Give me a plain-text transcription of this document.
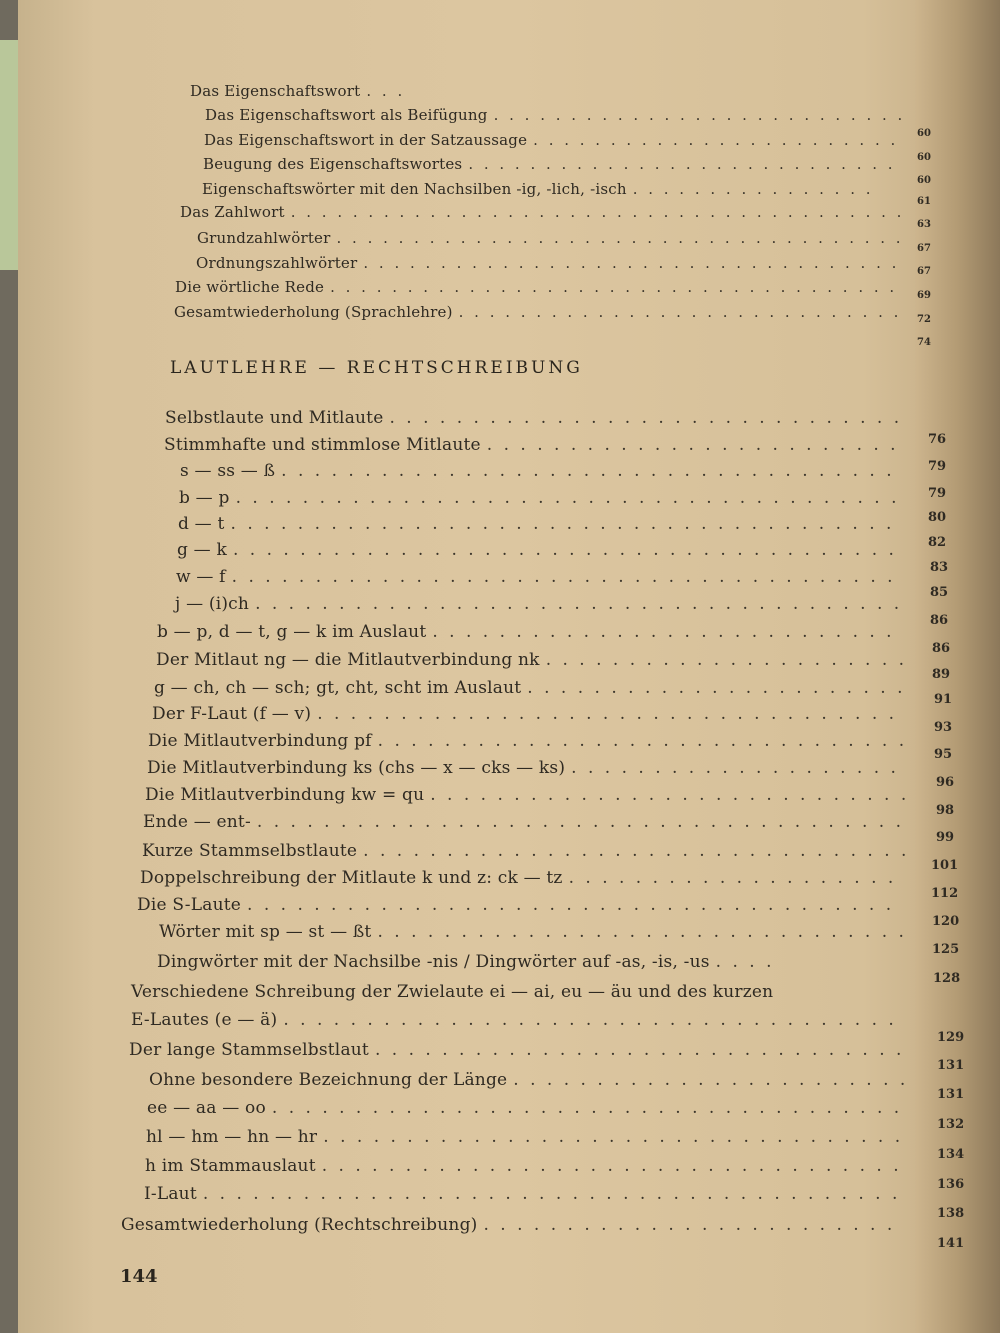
Das Eigenschaftswort . . .
Das Eigenschaftswort als Beifügung . . . . . . . . . . . . . . . . . . . . . . . . . . .
Das Eigenschaftswort in der Satzaussage . . . . . . . . . . . . . . . . . . . . . . . .
Beugung des Eigenschaftswortes . . . . . . . . . . . . . . . . . . . . . . . . . . . .
Eigenschaftswörter mit den Nachsilben -ig, -lich, -isch . . . . . . . . . . . . . . . .
Das Zahlwort . . . . . . . . . . . . . . . . . . . . . . . . . . . . . . . . . . . . . . . .
Grundzahlwörter . . . . . . . . . . . . . . . . . . . . . . . . . . . . . . . . . . . . .
Ordnungszahlwörter . . . . . . . . . . . . . . . . . . . . . . . . . . . . . . . . . . .
Die wörtliche Rede . . . . . . . . . . . . . . . . . . . . . . . . . . . . . . . . . . . . .
Gesamtwiederholung (Sprachlehre) . . . . . . . . . . . . . . . . . . . . . . . . . . . . .
60
60
60
61
63
67
67
69
72
74
LAUTLEHRE — RECHTSCHREIBUNG
Selbstlaute und Mitlaute . . . . . . . . . . . . . . . . . . . . . . . . . . . . . . .
Stimmhafte und stimmlose Mitlaute . . . . . . . . . . . . . . . . . . . . . . . . .
s — ss — ß . . . . . . . . . . . . . . . . . . . . . . . . . . . . . . . . . . . . .
b — p . . . . . . . . . . . . . . . . . . . . . . . . . . . . . . . . . . . . . . . .
d — t . . . . . . . . . . . . . . . . . . . . . . . . . . . . . . . . . . . . . . . .
g — k . . . . . . . . . . . . . . . . . . . . . . . . . . . . . . . . . . . . . . . .
w — f . . . . . . . . . . . . . . . . . . . . . . . . . . . . . . . . . . . . . . . .
j — (i)ch . . . . . . . . . . . . . . . . . . . . . . . . . . . . . . . . . . . . . . .
b — p, d — t, g — k im Auslaut . . . . . . . . . . . . . . . . . . . . . . . . . . . .
Der Mitlaut ng — die Mitlautverbindung nk . . . . . . . . . . . . . . . . . . . . . .
g — ch, ch — sch; gt, cht, scht im Auslaut . . . . . . . . . . . . . . . . . . . . . . .
Der F-Laut (f — v) . . . . . . . . . . . . . . . . . . . . . . . . . . . . . . . . . . .
Die Mitlautverbindung pf . . . . . . . . . . . . . . . . . . . . . . . . . . . . . . . .
Die Mitlautverbindung ks (chs — x — cks — ks) . . . . . . . . . . . . . . . . . . . .
Die Mitlautverbindung kw = qu . . . . . . . . . . . . . . . . . . . . . . . . . . . . .
Ende — ent- . . . . . . . . . . . . . . . . . . . . . . . . . . . . . . . . . . . . . . .
Kurze Stammselbstlaute . . . . . . . . . . . . . . . . . . . . . . . . . . . . . . . . .
Doppelschreibung der Mitlaute k und z: ck — tz . . . . . . . . . . . . . . . . . . . .
Die S-Laute . . . . . . . . . . . . . . . . . . . . . . . . . . . . . . . . . . . . . . .
Wörter mit sp — st — ßt . . . . . . . . . . . . . . . . . . . . . . . . . . . . . . . .
Dingwörter mit der Nachsilbe -nis / Dingwörter auf -as, -is, -us . . . .
Verschiedene Schreibung der Zwielaute ei — ai, eu — äu und des kurzen
E-Lautes (e — ä) . . . . . . . . . . . . . . . . . . . . . . . . . . . . . . . . . . . . .
Der lange Stammselbstlaut . . . . . . . . . . . . . . . . . . . . . . . . . . . . . . . .
Ohne besondere Bezeichnung der Länge . . . . . . . . . . . . . . . . . . . . . . . .
ee — aa — oo . . . . . . . . . . . . . . . . . . . . . . . . . . . . . . . . . . . . . .
hl — hm — hn — hr . . . . . . . . . . . . . . . . . . . . . . . . . . . . . . . . . . .
h im Stammauslaut . . . . . . . . . . . . . . . . . . . . . . . . . . . . . . . . . . .
I-Laut . . . . . . . . . . . . . . . . . . . . . . . . . . . . . . . . . . . . . . . . . .
Gesamtwiederholung (Rechtschreibung) . . . . . . . . . . . . . . . . . . . . . . . . .
76
79
79
80
82
83
85
86
86
89
91
93
95
96
98
99
101
112
120
125
128
129
131
131
132
134
136
138
141
144
